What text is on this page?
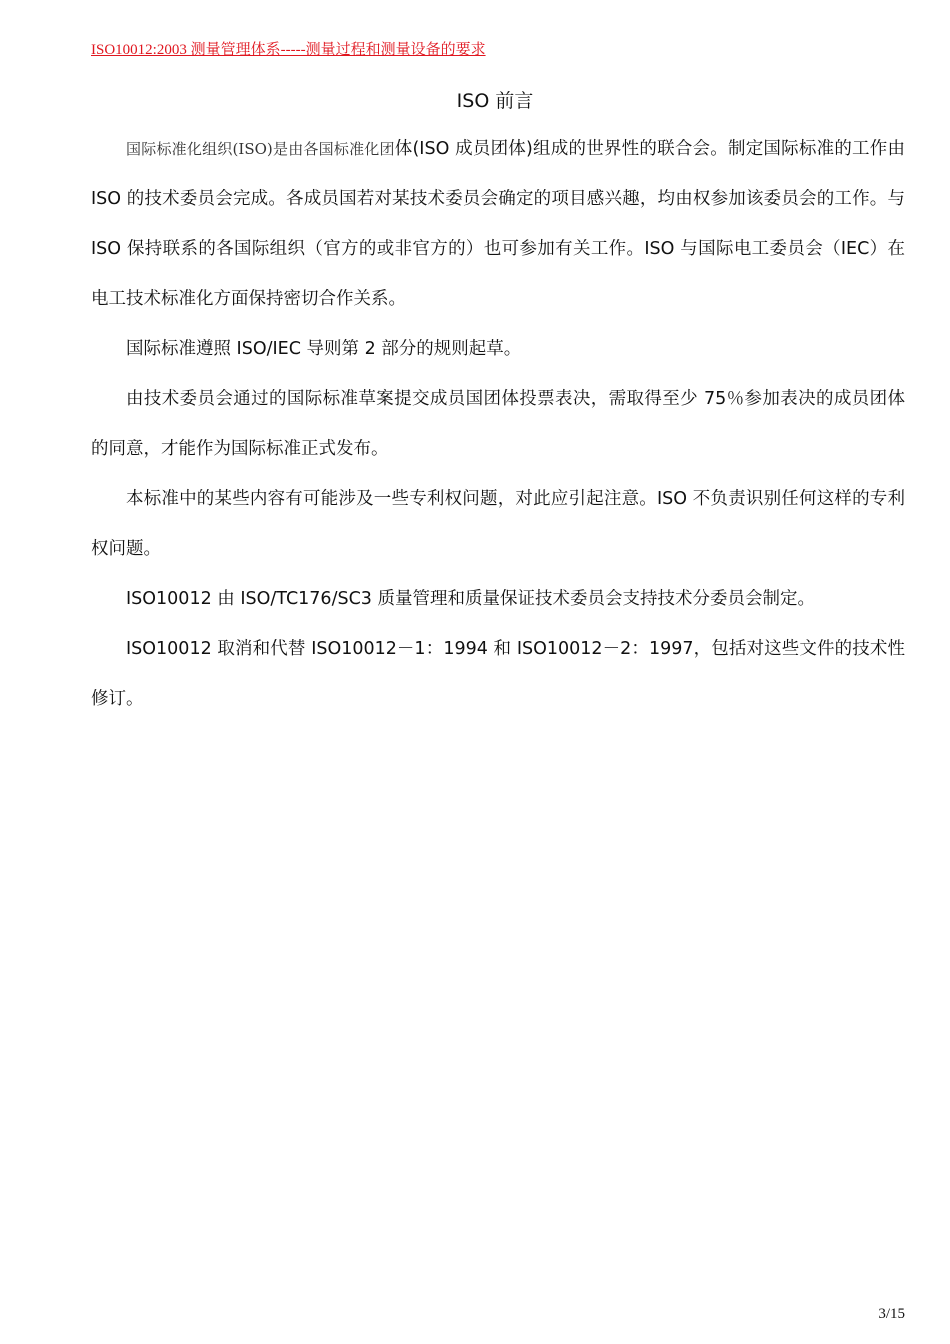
ISO10012:2003 测量管理体系-----测量过程和测量设备的要求
ISO 前言

国际标准化组织(ISO)是由各国标准化团体(ISO 成员团体)组成的世界性的联合会。制定国际标准的工作由 ISO 的技术委员会完成。各成员国若对某技术委员会确定的项目感兴趣，均由权参加该委员会的工作。与 ISO 保持联系的各国际组织（官方的或非官方的）也可参加有关工作。ISO 与国际电工委员会（IEC）在电工技术标准化方面保持密切合作关系。

国际标准遵照 ISO/IEC 导则第 2 部分的规则起草。

由技术委员会通过的国际标准草案提交成员国团体投票表决，需取得至少 75％参加表决的成员团体的同意，才能作为国际标准正式发布。

本标准中的某些内容有可能涉及一些专利权问题，对此应引起注意。ISO 不负责识别任何这样的专利权问题。

ISO10012 由 ISO/TC176/SC3 质量管理和质量保证技术委员会支持技术分委员会制定。

ISO10012 取消和代替 ISO10012－1：1994 和 ISO10012－2：1997，包括对这些文件的技术性修订。

3/15
